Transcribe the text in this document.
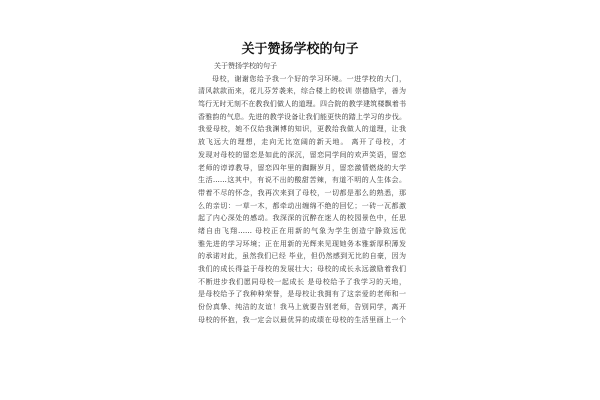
关于赞扬学校的句子
关于赞扬学校的句子
母校，谢谢您给予我一个好的学习环境。一进学校的大门，
清风款款而来，花儿芬芳袭来，综合楼上的校训 崇德励学，善为
笃行无时无刻不在教我们做人的道理。四合院的教学建筑楼飘着书
香雅韵的气息。先进的教学设备让我们能更快的踏上学习的步伐。
我爱母校，她不仅给我渊博的知识，更教给我做人的道理，让我
放飞远大的理想，走向无比宽阔的新天地。 离开了母校，才
发现对母校的留恋是如此的深沉，留恋同学间的欢声笑语，留恋
老师的谆谆教导，留恋四年里的踟蹰岁月，留恋激情燃烧的大学
生活……这其中，有说不出的酸甜苦辣，有道不明的人生体会。
带着不尽的怀念，我再次来到了母校，一切都是那么的熟悉，那
么的亲切：一草一木，都牵动出缠绵不绝的回忆；一砖一瓦都激
起了内心深处的感动。我深深的沉醉在迷人的校园景色中，任思
绪自由飞翔…… 母校正在用新的气象为学生创造宁静致远优
雅先进的学习环境；正在用新的光辉来见现她务本雅新厚积薄发
的承诺对此，虽然我们已经 毕业，但仍然感到无比的自豪，因为
我们的成长得益于母校的发展壮大；母校的成长永远激励着我们
不断进步我们愿同母校一起成长 是母校给予了我学习的天地，
是母校给予了我种种荣誉，是母校让我拥有了这亲爱的老师和一
份份真挚、纯洁的友谊！我马上就要告别老师，告别同学，离开
母校的怀抱，我一定会以最优异的成绩在母校的生活里画上一个
